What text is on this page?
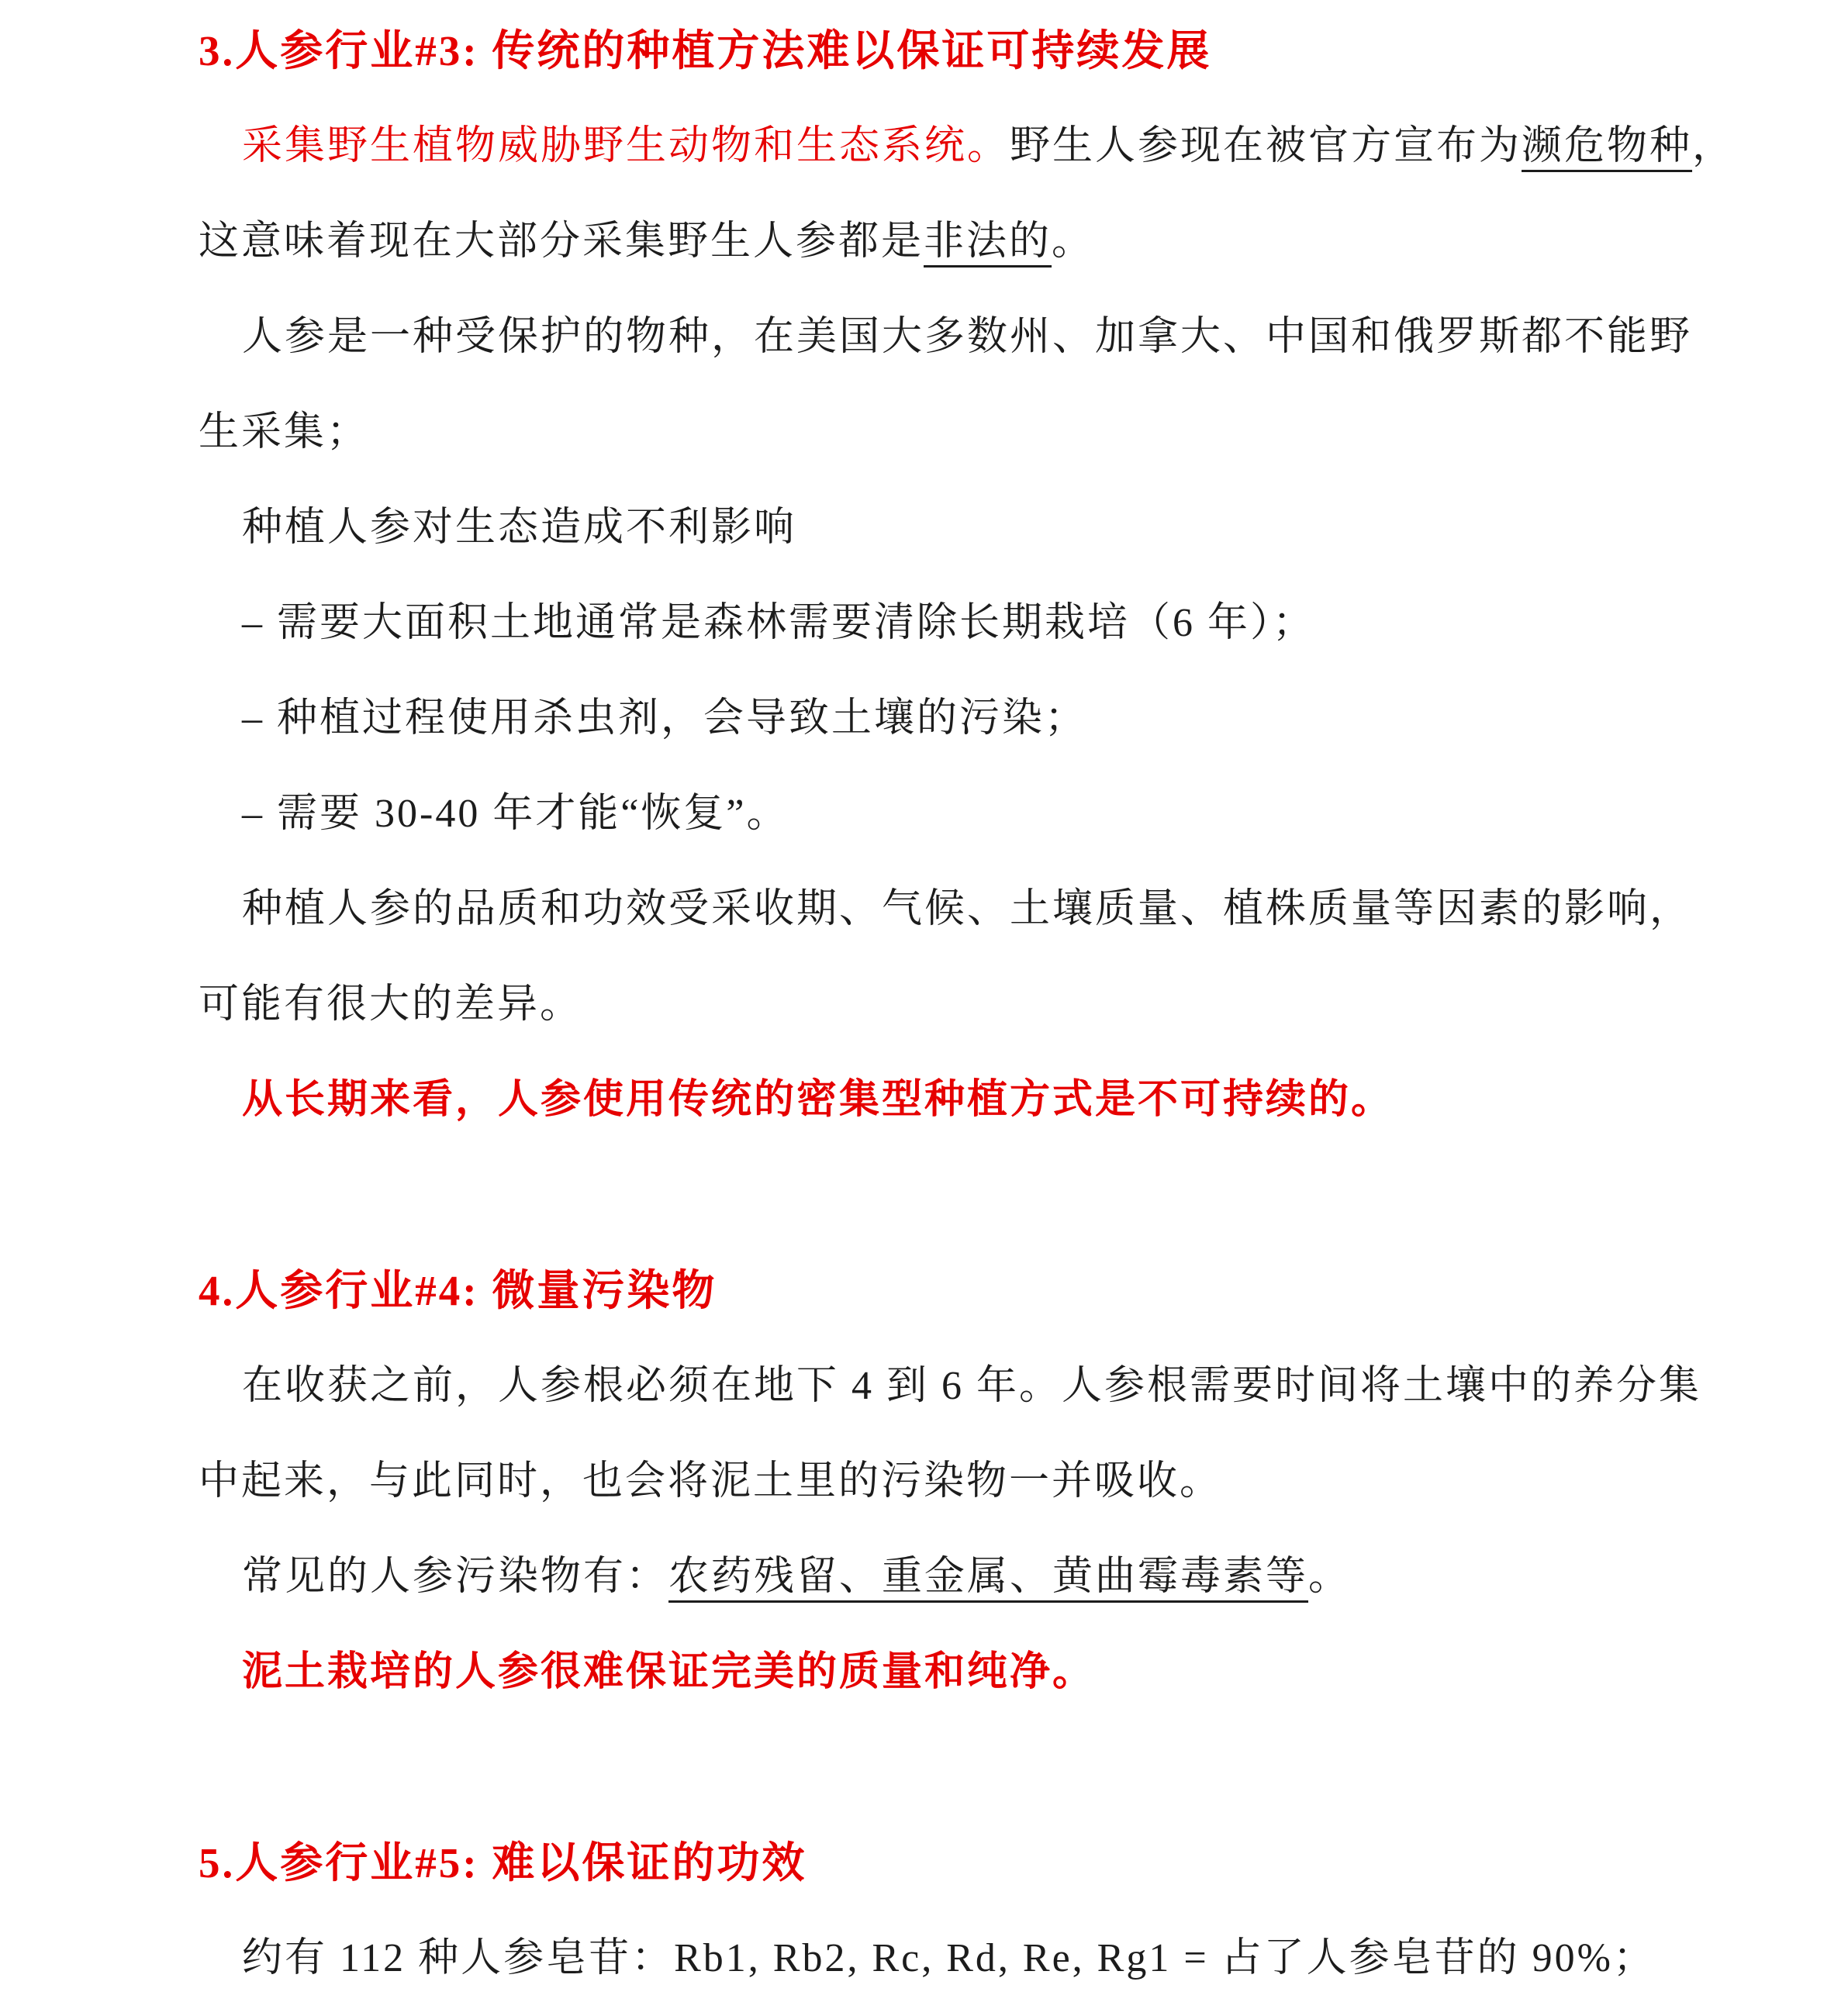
3.人参行业#3: 传统的种植方法难以保证可持续发展
采集野生植物威胁野生动物和生态系统。野生人参现在被官方宣布为濒危物种，
这意味着现在大部分采集野生人参都是非法的。
人参是一种受保护的物种，在美国大多数州、加拿大、中国和俄罗斯都不能野
生采集；
种植人参对生态造成不利影响
– 需要大面积土地通常是森林需要清除长期栽培（6 年）；
– 种植过程使用杀虫剂，会导致土壤的污染；
– 需要 30-40 年才能“恢复”。
种植人参的品质和功效受采收期、气候、土壤质量、植株质量等因素的影响，
可能有很大的差异。
从长期来看，人参使用传统的密集型种植方式是不可持续的。
4.人参行业#4: 微量污染物
在收获之前，人参根必须在地下 4 到 6 年。人参根需要时间将土壤中的养分集
中起来，与此同时，也会将泥土里的污染物一并吸收。
常见的人参污染物有：农药残留、重金属、黄曲霉毒素等。
泥土栽培的人参很难保证完美的质量和纯净。
5.人参行业#5: 难以保证的功效
约有 112 种人参皂苷：Rb1, Rb2, Rc, Rd, Re, Rg1 = 占了人参皂苷的 90%；
